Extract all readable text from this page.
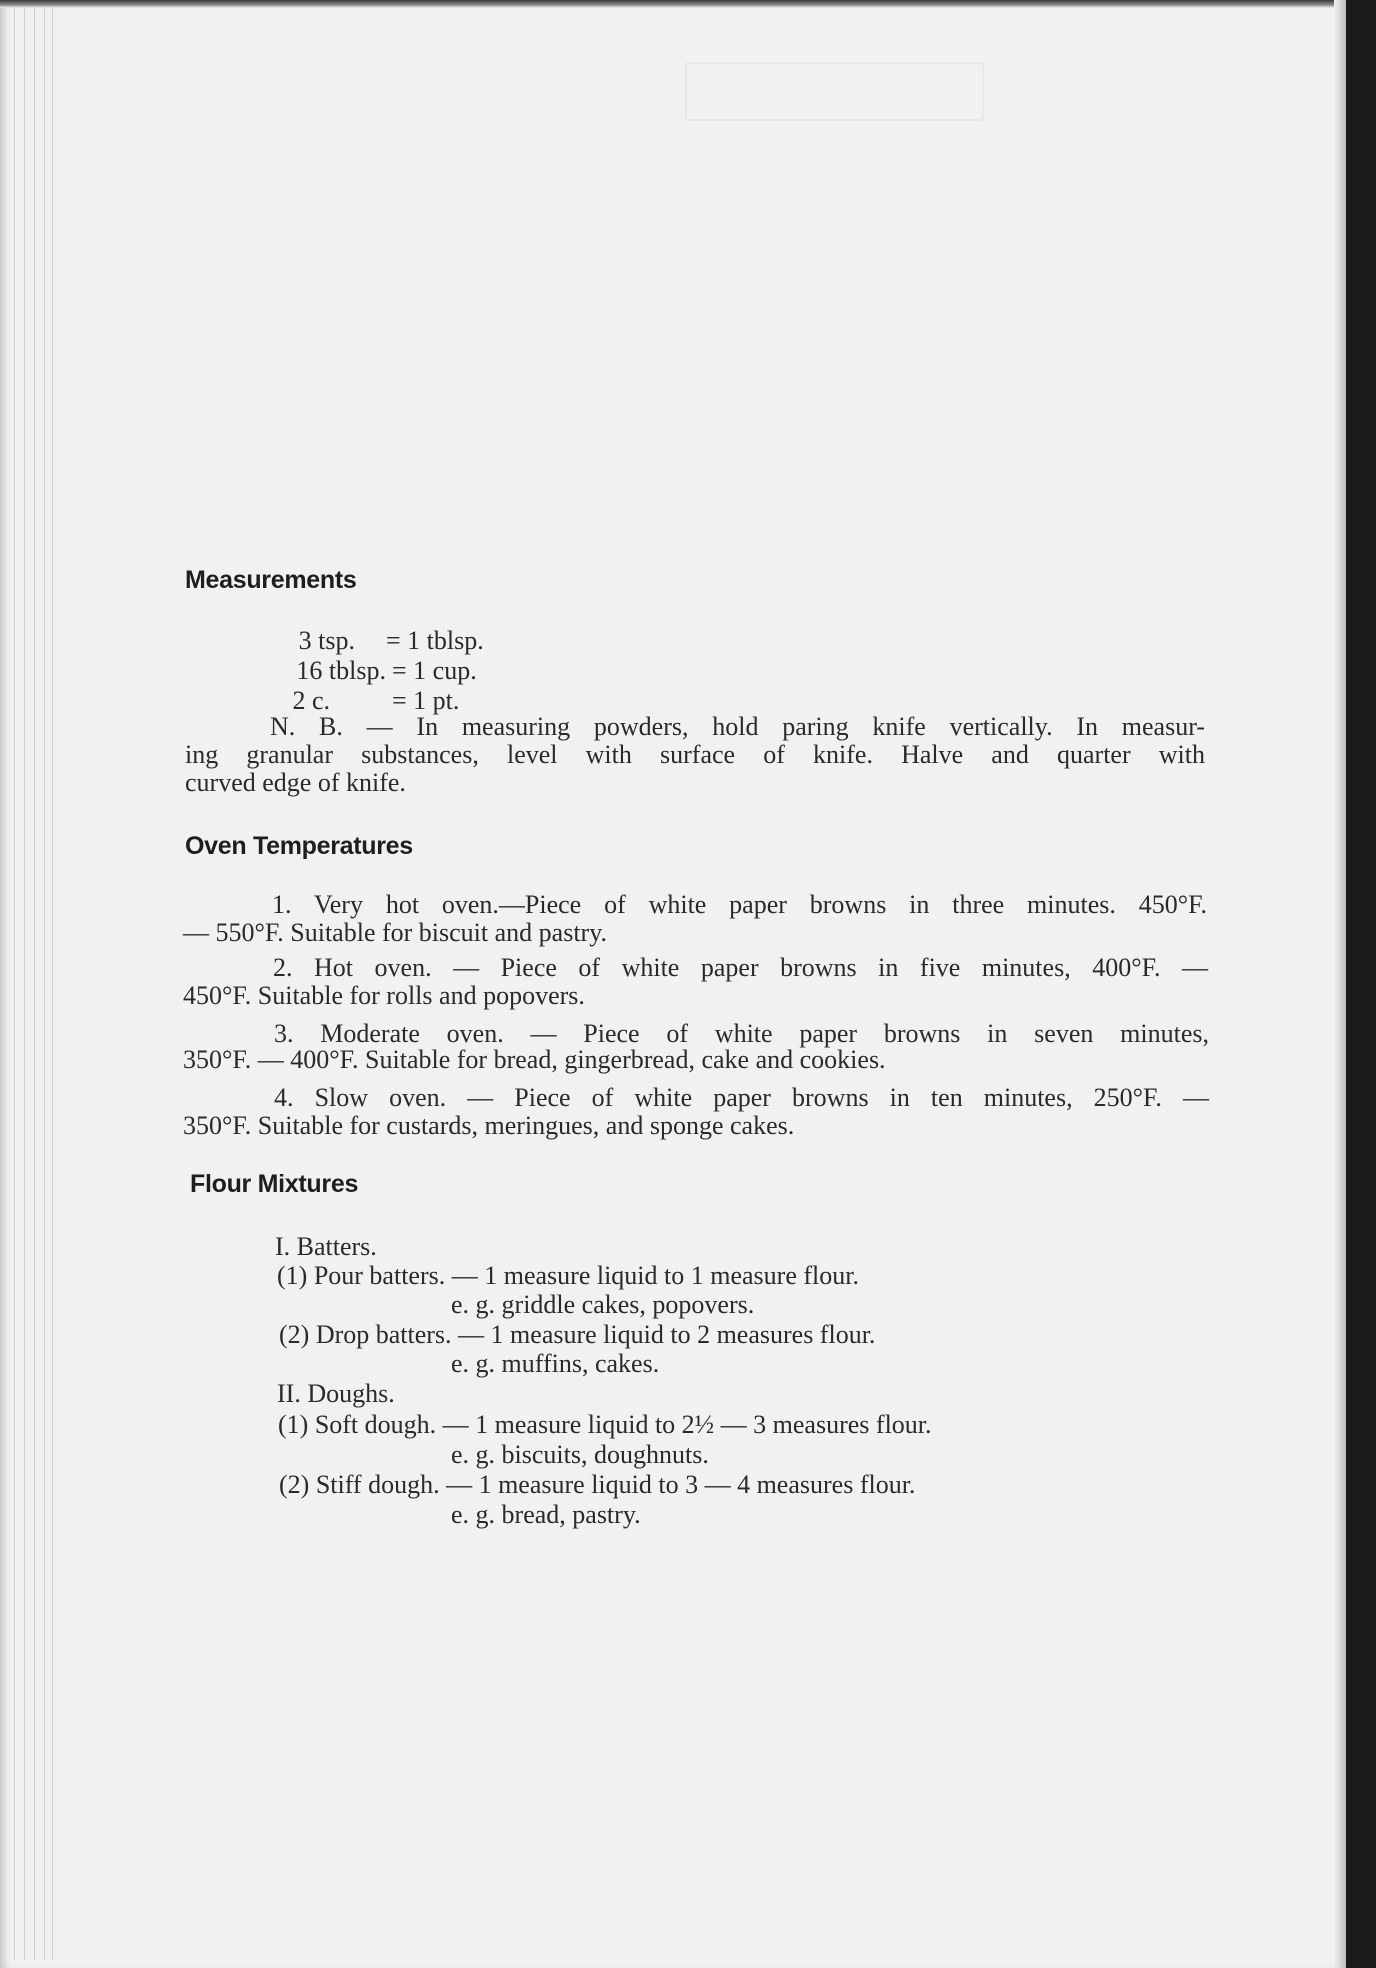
Measurements
3 tsp. = 1 tblsp.
16 tblsp. = 1 cup.
2 c. = 1 pt.
N. B. — In measuring powders, hold paring knife vertically. In measur-
ing granular substances, level with surface of knife. Halve and quarter with
curved edge of knife.
Oven Temperatures
1. Very hot oven.—Piece of white paper browns in three minutes. 450°F.
— 550°F. Suitable for biscuit and pastry.
2. Hot oven. — Piece of white paper browns in five minutes, 400°F. —
450°F. Suitable for rolls and popovers.
3. Moderate oven. — Piece of white paper browns in seven minutes,
350°F. — 400°F. Suitable for bread, gingerbread, cake and cookies.
4. Slow oven. — Piece of white paper browns in ten minutes, 250°F. —
350°F. Suitable for custards, meringues, and sponge cakes.
Flour Mixtures
I. Batters.
(1) Pour batters. — 1 measure liquid to 1 measure flour.
e. g. griddle cakes, popovers.
(2) Drop batters. — 1 measure liquid to 2 measures flour.
e. g. muffins, cakes.
II. Doughs.
(1) Soft dough. — 1 measure liquid to 2½ — 3 measures flour.
e. g. biscuits, doughnuts.
(2) Stiff dough. — 1 measure liquid to 3 — 4 measures flour.
e. g. bread, pastry.
